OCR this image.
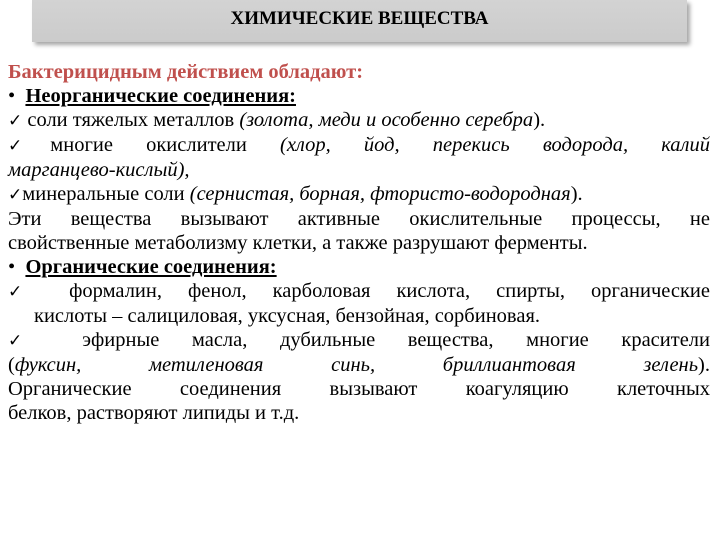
ХИМИЧЕСКИЕ ВЕЩЕСТВА
Бактерицидным действием обладают:
• Неорганические соединения:
✓ соли тяжелых металлов (золота, меди и особенно серебра).
✓многие окислители (хлор, йод, перекись водорода, калий
марганцево-кислый),
✓минеральные соли (сернистая, борная, фтористо-водородная).
Эти вещества вызывают активные окислительные процессы, не
свойственные метаболизму клетки, а также разрушают ферменты.
• Органические соединения:
✓ формалин, фенол, карболовая кислота, спирты, органические
кислоты – салициловая, уксусная, бензойная, сорбиновая.
✓ эфирные масла, дубильные вещества, многие красители
(фуксин, метиленовая синь, бриллиантовая зелень).
Органические соединения вызывают коагуляцию клеточных
белков, растворяют липиды и т.д.
